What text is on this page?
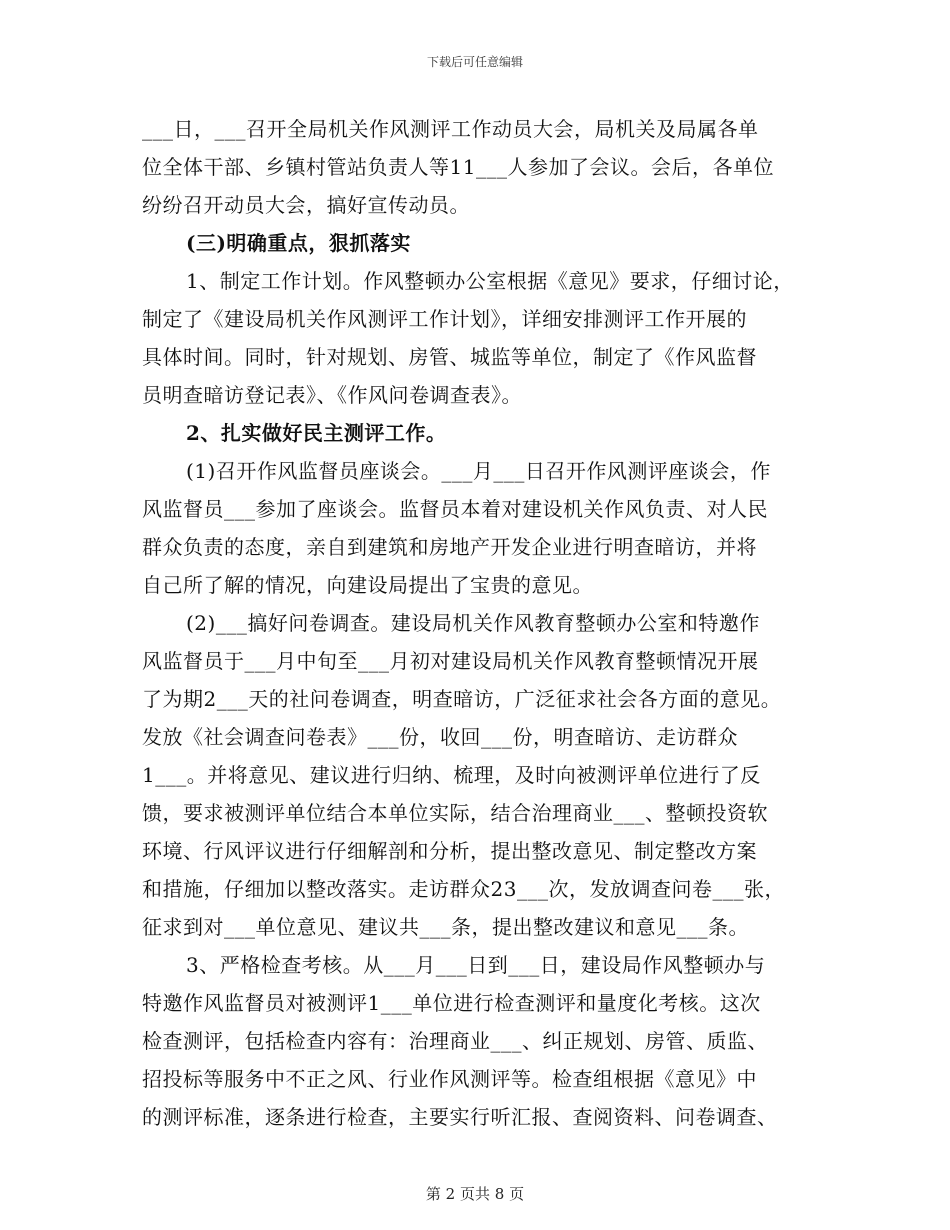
下载后可任意编辑
___日，___召开全局机关作风测评工作动员大会，局机关及局属各单
位全体干部、乡镇村管站负责人等11___人参加了会议。会后，各单位
纷纷召开动员大会，搞好宣传动员。
(三)明确重点，狠抓落实
1、制定工作计划。作风整顿办公室根据《意见》要求，仔细讨论，
制定了《建设局机关作风测评工作计划》，详细安排测评工作开展的
具体时间。同时，针对规划、房管、城监等单位，制定了《作风监督
员明查暗访登记表》、《作风问卷调查表》。
2、扎实做好民主测评工作。
(1)召开作风监督员座谈会。___月___日召开作风测评座谈会，作
风监督员___参加了座谈会。监督员本着对建设机关作风负责、对人民
群众负责的态度，亲自到建筑和房地产开发企业进行明查暗访，并将
自己所了解的情况，向建设局提出了宝贵的意见。
(2)___搞好问卷调查。建设局机关作风教育整顿办公室和特邀作
风监督员于___月中旬至___月初对建设局机关作风教育整顿情况开展
了为期2___天的社问卷调查，明查暗访，广泛征求社会各方面的意见。
发放《社会调查问卷表》___份，收回___份，明查暗访、走访群众
1___。并将意见、建议进行归纳、梳理，及时向被测评单位进行了反
馈，要求被测评单位结合本单位实际，结合治理商业___、整顿投资软
环境、行风评议进行仔细解剖和分析，提出整改意见、制定整改方案
和措施，仔细加以整改落实。走访群众23___次，发放调查问卷___张，
征求到对___单位意见、建议共___条，提出整改建议和意见___条。
3、严格检查考核。从___月___日到___日，建设局作风整顿办与
特邀作风监督员对被测评1___单位进行检查测评和量度化考核。这次
检查测评，包括检查内容有：治理商业___、纠正规划、房管、质监、
招投标等服务中不正之风、行业作风测评等。检查组根据《意见》中
的测评标准，逐条进行检查，主要实行听汇报、查阅资料、问卷调查、
第 2 页共 8 页
